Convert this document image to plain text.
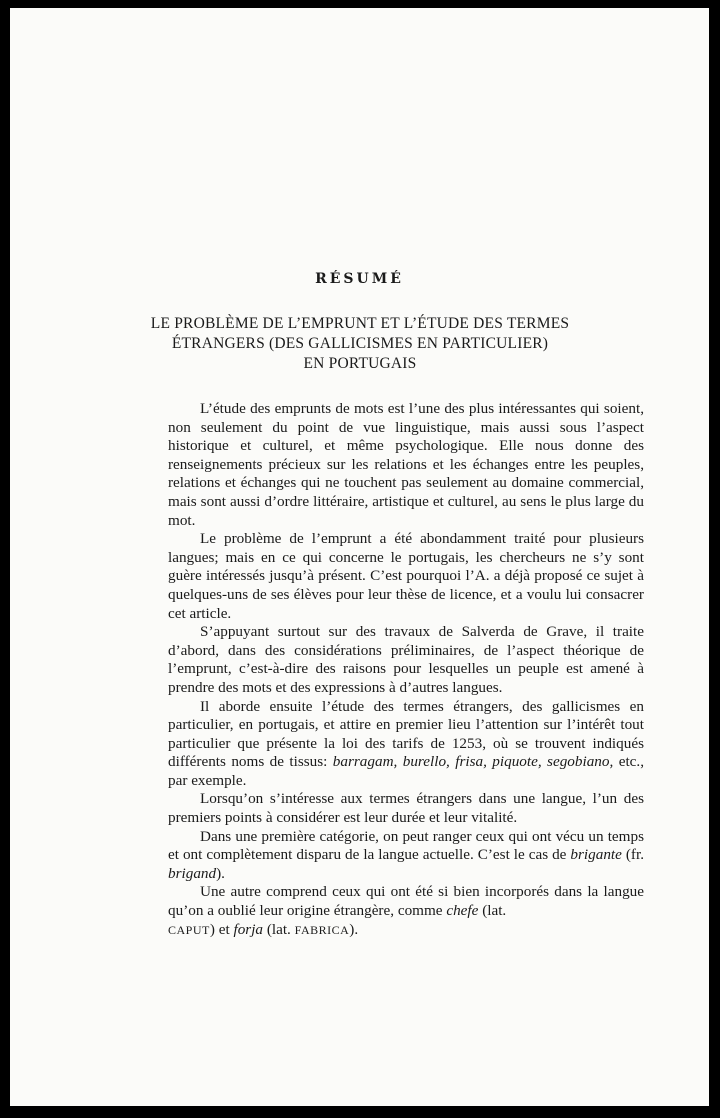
RÉSUMÉ
LE PROBLÈME DE L’EMPRUNT ET L’ÉTUDE DES TERMES
ÉTRANGERS (DES GALLICISMES EN PARTICULIER)
EN PORTUGAIS

L’étude des emprunts de mots est l’une des plus intéressantes qui soient, non seulement du point de vue linguistique, mais aussi sous l’aspect historique et culturel, et même psychologique. Elle nous donne des renseignements précieux sur les relations et les échanges entre les peuples, relations et échanges qui ne touchent pas seulement au domaine commercial, mais sont aussi d’ordre littéraire, artistique et culturel, au sens le plus large du mot.

Le problème de l’emprunt a été abondamment traité pour plusieurs langues; mais en ce qui concerne le portugais, les chercheurs ne s’y sont guère intéressés jusqu’à présent. C’est pourquoi l’A. a déjà proposé ce sujet à quelques-uns de ses élèves pour leur thèse de licence, et a voulu lui consacrer cet article.

S’appuyant surtout sur des travaux de Salverda de Grave, il traite d’abord, dans des considérations préliminaires, de l’aspect théorique de l’emprunt, c’est-à-dire des raisons pour lesquelles un peuple est amené à prendre des mots et des expressions à d’autres langues.

Il aborde ensuite l’étude des termes étrangers, des gallicismes en particulier, en portugais, et attire en premier lieu l’attention sur l’intérêt tout particulier que présente la loi des tarifs de 1253, où se trouvent indiqués différents noms de tissus: barragam, burello, frisa, piquote, segobiano, etc., par exemple.

Lorsqu’on s’intéresse aux termes étrangers dans une langue, l’un des premiers points à considérer est leur durée et leur vitalité.

Dans une première catégorie, on peut ranger ceux qui ont vécu un temps et ont complètement disparu de la langue actuelle. C’est le cas de brigante (fr. brigand).

Une autre comprend ceux qui ont été si bien incorporés dans la langue qu’on a oublié leur origine étrangère, comme chefe (lat.
CAPUT) et forja (lat. FABRICA).
